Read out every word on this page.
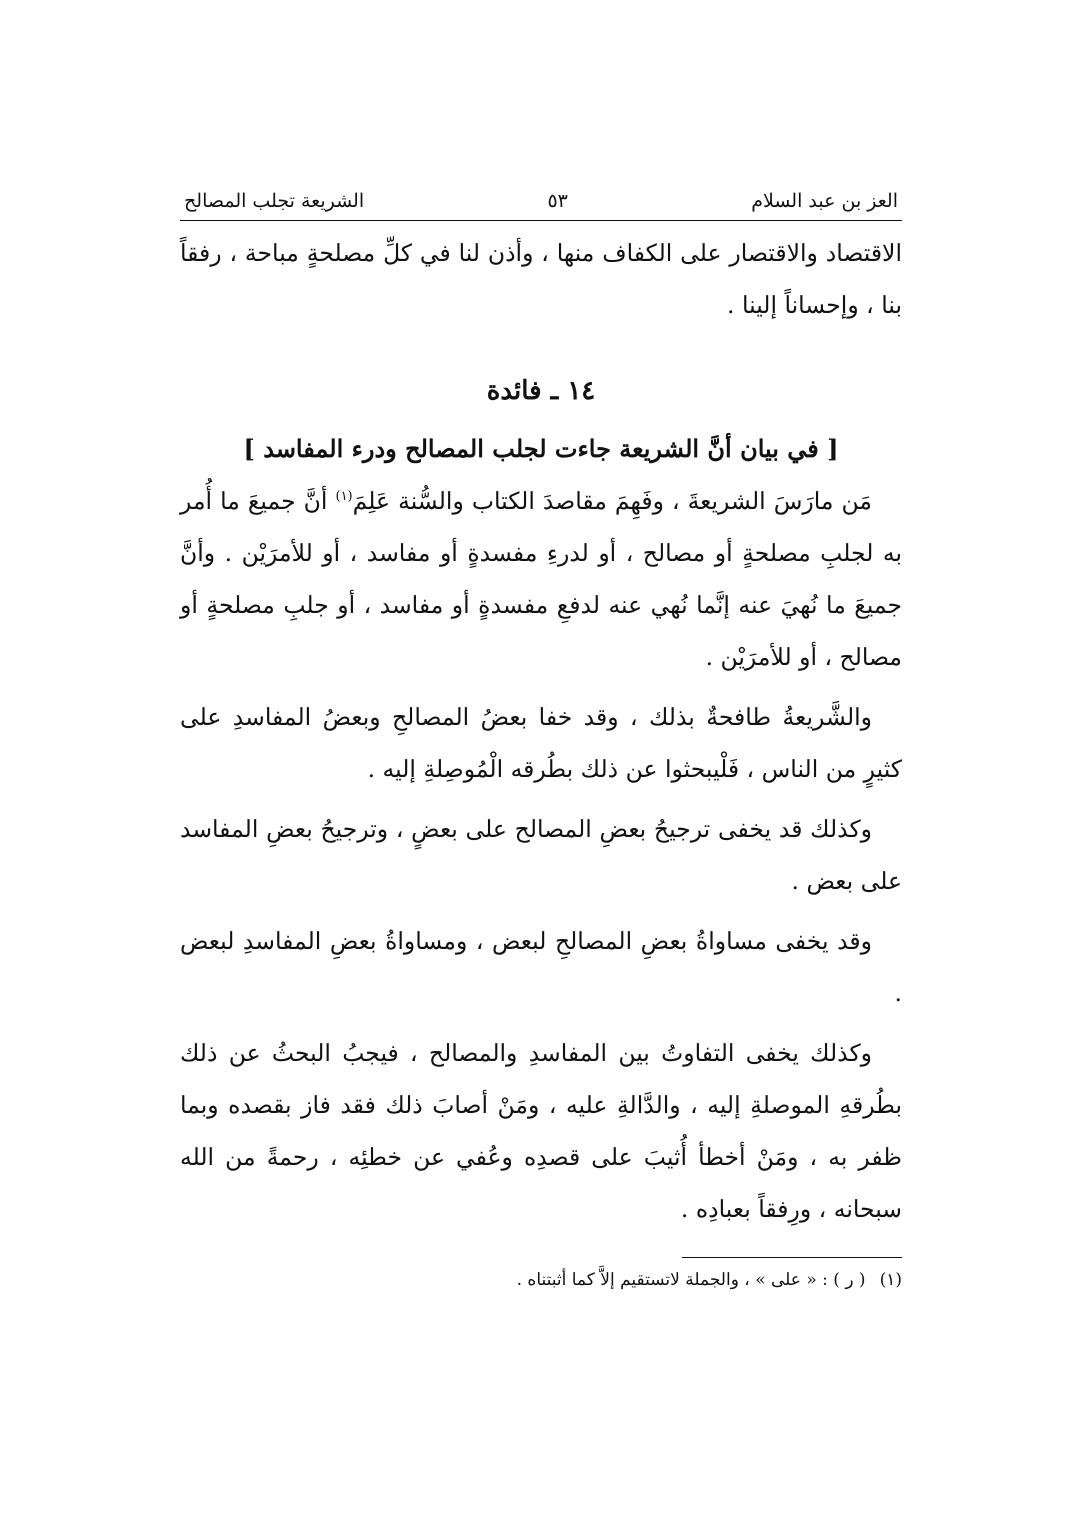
العز بن عبد السلام
٥٣
الشريعة تجلب المصالح

الاقتصاد والاقتصار على الكفاف منها ، وأذن لنا في كلِّ مصلحةٍ مباحة ، رفقاً بنا ، وإحساناً إلينا .

١٤ ـ فائدة
[ في بيان أنَّ الشريعة جاءت لجلب المصالح ودرء المفاسد ]

مَن مارَسَ الشريعةَ ، وفَهِمَ مقاصدَ الكتاب والسُّنة عَلِمَ$^{(١)}$ أنَّ جميعَ ما أُمر به لجلبِ مصلحةٍ أو مصالح ، أو لدرءِ مفسدةٍ أو مفاسد ، أو للأمرَيْن . وأنَّ جميعَ ما نُهيَ عنه إنَّما نُهي عنه لدفعِ مفسدةٍ أو مفاسد ، أو جلبِ مصلحةٍ أو مصالح ، أو للأمرَيْن .

والشَّريعةُ طافحةٌ بذلك ، وقد خفا بعضُ المصالحِ وبعضُ المفاسدِ على كثيرٍ من الناس ، فَلْيبحثوا عن ذلك بطُرقه الْمُوصِلةِ إليه .

وكذلك قد يخفى ترجيحُ بعضِ المصالح على بعضٍ ، وترجيحُ بعضِ المفاسد على بعض .

وقد يخفى مساواةُ بعضِ المصالحِ لبعض ، ومساواةُ بعضِ المفاسدِ لبعض .

وكذلك يخفى التفاوتُ بين المفاسدِ والمصالح ، فيجبُ البحثُ عن ذلك بطُرقهِ الموصلةِ إليه ، والدَّالةِ عليه ، ومَنْ أصابَ ذلك فقد فاز بقصده وبما ظفر به ، ومَنْ أخطأ أُثيبَ على قصدِه وعُفي عن خطئِه ، رحمةً من الله سبحانه ، ورِفقاً بعبادِه .

(١)( ر ) : « على » ، والجملة لاتستقيم إلاَّ كما أثبتناه .
